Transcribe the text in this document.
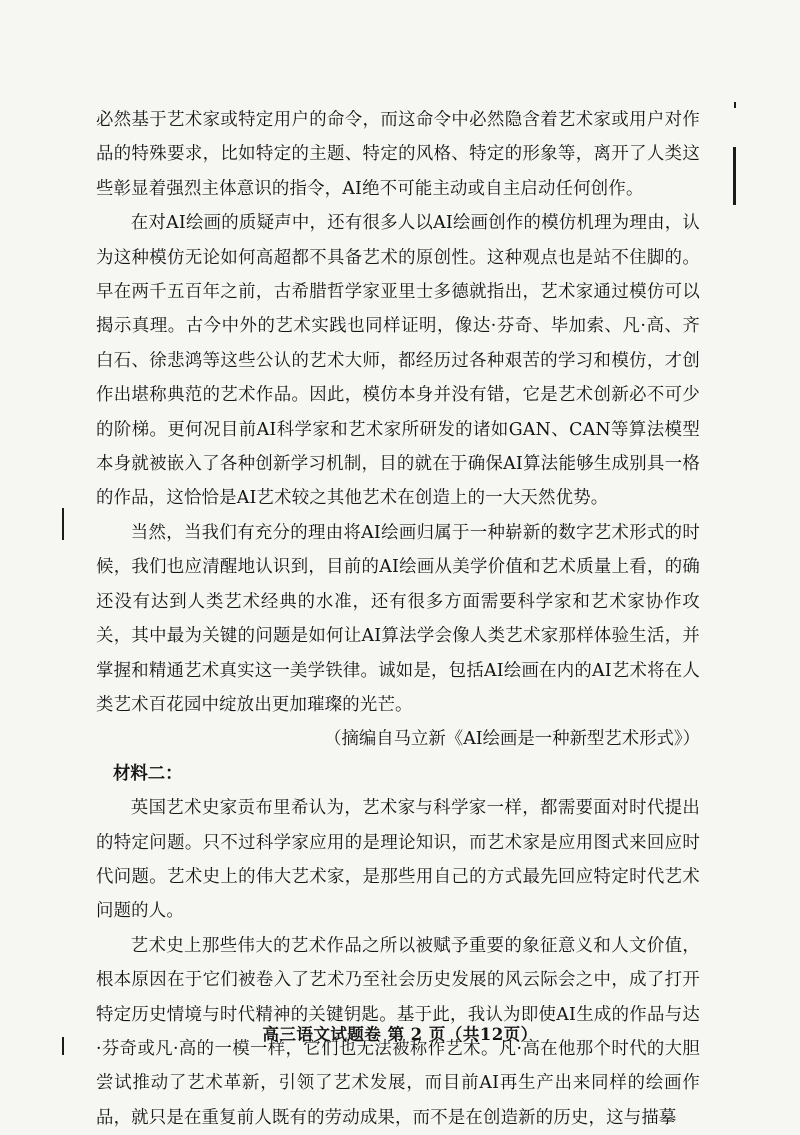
必然基于艺术家或特定用户的命令，而这命令中必然隐含着艺术家或用户对作品的特殊要求，比如特定的主题、特定的风格、特定的形象等，离开了人类这些彰显着强烈主体意识的指令，AI绝不可能主动或自主启动任何创作。

在对AI绘画的质疑声中，还有很多人以AI绘画创作的模仿机理为理由，认为这种模仿无论如何高超都不具备艺术的原创性。这种观点也是站不住脚的。早在两千五百年之前，古希腊哲学家亚里士多德就指出，艺术家通过模仿可以揭示真理。古今中外的艺术实践也同样证明，像达·芬奇、毕加索、凡·高、齐白石、徐悲鸿等这些公认的艺术大师，都经历过各种艰苦的学习和模仿，才创作出堪称典范的艺术作品。因此，模仿本身并没有错，它是艺术创新必不可少的阶梯。更何况目前AI科学家和艺术家所研发的诸如GAN、CAN等算法模型本身就被嵌入了各种创新学习机制，目的就在于确保AI算法能够生成别具一格的作品，这恰恰是AI艺术较之其他艺术在创造上的一大天然优势。

当然，当我们有充分的理由将AI绘画归属于一种崭新的数字艺术形式的时候，我们也应清醒地认识到，目前的AI绘画从美学价值和艺术质量上看，的确还没有达到人类艺术经典的水准，还有很多方面需要科学家和艺术家协作攻关，其中最为关键的问题是如何让AI算法学会像人类艺术家那样体验生活，并掌握和精通艺术真实这一美学铁律。诚如是，包括AI绘画在内的AI艺术将在人类艺术百花园中绽放出更加璀璨的光芒。

（摘编自马立新《AI绘画是一种新型艺术形式》）

材料二：

英国艺术史家贡布里希认为，艺术家与科学家一样，都需要面对时代提出的特定问题。只不过科学家应用的是理论知识，而艺术家是应用图式来回应时代问题。艺术史上的伟大艺术家，是那些用自己的方式最先回应特定时代艺术问题的人。

艺术史上那些伟大的艺术作品之所以被赋予重要的象征意义和人文价值，根本原因在于它们被卷入了艺术乃至社会历史发展的风云际会之中，成了打开特定历史情境与时代精神的关键钥匙。基于此，我认为即使AI生成的作品与达·芬奇或凡·高的一模一样，它们也无法被称作艺术。凡·高在他那个时代的大胆尝试推动了艺术革新，引领了艺术发展，而目前AI再生产出来同样的绘画作品，就只是在重复前人既有的劳动成果，而不是在创造新的历史，这与描摹

高三语文试题卷 第 2 页（共12页）
